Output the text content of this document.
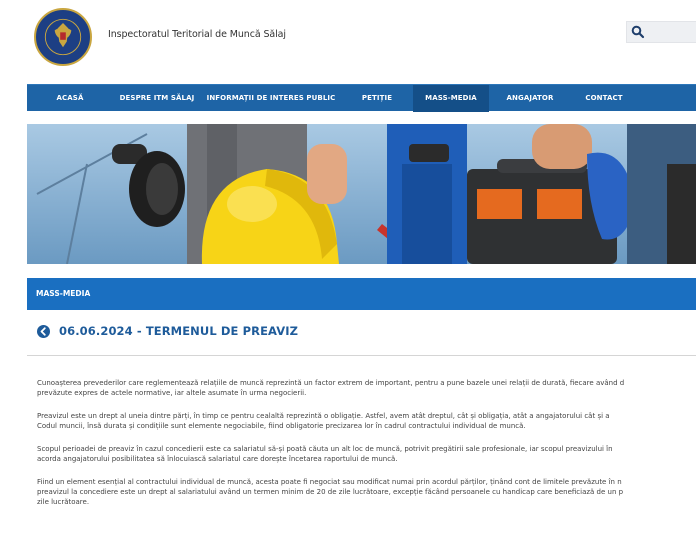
Inspectoratul Teritorial de Muncă Sălaj
ACASĂ	DESPRE ITM SĂLAJ	INFORMAȚII DE INTERES PUBLIC	PETIȚIE	MASS-MEDIA	ANGAJATOR	CONTACT
MASS-MEDIA
06.06.2024 - TERMENUL DE PREAVIZ
Cunoașterea prevederilor care reglementează relațiile de muncă reprezintă un factor extrem de important, pentru a pune bazele unei relații de durată, fiecare având d
prevăzute expres de actele normative, iar altele asumate în urma negocierii.
Preavizul este un drept al uneia dintre părți, în timp ce pentru cealaltă reprezintă o obligație. Astfel, avem atât dreptul, cât și obligația, atât a angajatorului cât și a
Codul muncii, însă durata și condițiile sunt elemente negociabile, fiind obligatorie precizarea lor în cadrul contractului individual de muncă.
Scopul perioadei de preaviz în cazul concedierii este ca salariatul să-și poată căuta un alt loc de muncă, potrivit pregătirii sale profesionale, iar scopul preavizului în
acorda angajatorului posibilitatea să înlocuiască salariatul care dorește încetarea raportului de muncă.
Fiind un element esențial al contractului individual de muncă, acesta poate fi negociat sau modificat numai prin acordul părților, ținând cont de limitele prevăzute în n
preavizul la concediere este un drept al salariatului având un termen minim de 20 de zile lucrătoare, excepție făcând persoanele cu handicap care beneficiază de un p
zile lucrătoare.
